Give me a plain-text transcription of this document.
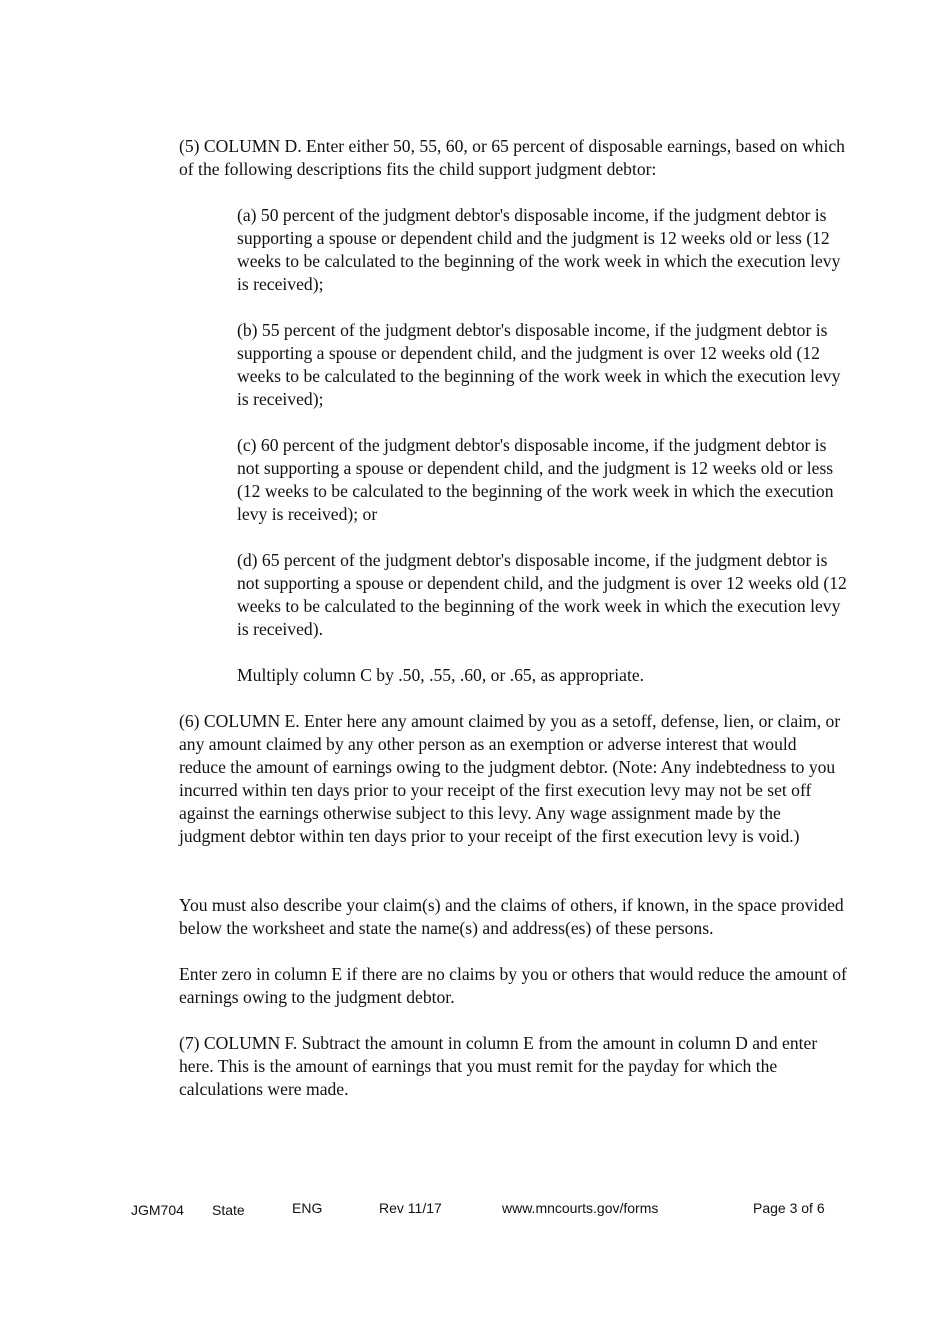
(5) COLUMN D. Enter either 50, 55, 60, or 65 percent of disposable earnings, based on which of the following descriptions fits the child support judgment debtor:

(a) 50 percent of the judgment debtor's disposable income, if the judgment debtor is supporting a spouse or dependent child and the judgment is 12 weeks old or less (12 weeks to be calculated to the beginning of the work week in which the execution levy is received);

(b) 55 percent of the judgment debtor's disposable income, if the judgment debtor is supporting a spouse or dependent child, and the judgment is over 12 weeks old (12 weeks to be calculated to the beginning of the work week in which the execution levy is received);

(c) 60 percent of the judgment debtor's disposable income, if the judgment debtor is not supporting a spouse or dependent child, and the judgment is 12 weeks old or less (12 weeks to be calculated to the beginning of the work week in which the execution levy is received); or

(d) 65 percent of the judgment debtor's disposable income, if the judgment debtor is not supporting a spouse or dependent child, and the judgment is over 12 weeks old (12 weeks to be calculated to the beginning of the work week in which the execution levy is received).

Multiply column C by .50, .55, .60, or .65, as appropriate.

(6) COLUMN E. Enter here any amount claimed by you as a setoff, defense, lien, or claim, or any amount claimed by any other person as an exemption or adverse interest that would reduce the amount of earnings owing to the judgment debtor. (Note: Any indebtedness to you incurred within ten days prior to your receipt of the first execution levy may not be set off against the earnings otherwise subject to this levy. Any wage assignment made by the judgment debtor within ten days prior to your receipt of the first execution levy is void.)

You must also describe your claim(s) and the claims of others, if known, in the space provided below the worksheet and state the name(s) and address(es) of these persons.

Enter zero in column E if there are no claims by you or others that would reduce the amount of earnings owing to the judgment debtor.

(7) COLUMN F. Subtract the amount in column E from the amount in column D and enter here. This is the amount of earnings that you must remit for the payday for which the calculations were made.

JGM704 State	ENG	Rev 11/17	www.mncourts.gov/forms	Page 3 of 6
